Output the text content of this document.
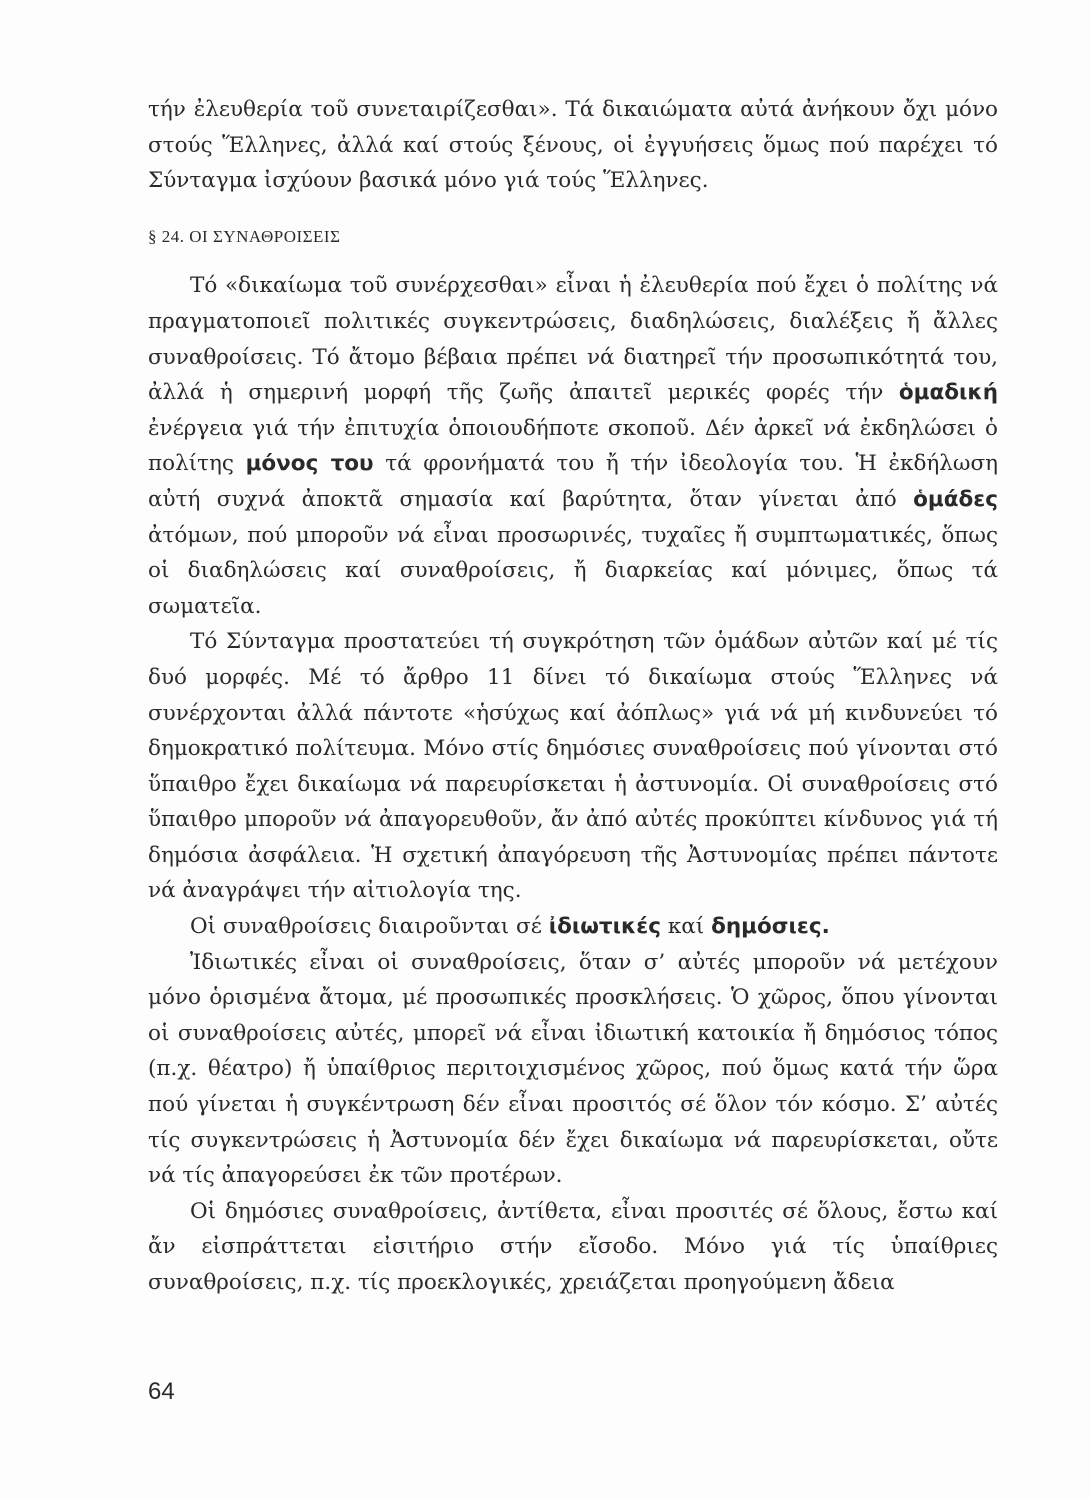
τήν ἐλευθερία τοῦ συνεταιρίζεσθαι». Τά δικαιώματα αὐτά ἀνήκουν ὄχι μόνο στούς Ἕλληνες, ἀλλά καί στούς ξένους, οἱ ἐγγυήσεις ὅμως πού παρέχει τό Σύνταγμα ἰσχύουν βασικά μόνο γιά τούς Ἕλληνες.

§ 24. ΟΙ ΣΥΝΑΘΡΟΙΣΕΙΣ

Τό «δικαίωμα τοῦ συνέρχεσθαι» εἶναι ἡ ἐλευθερία πού ἔχει ὁ πολίτης νά πραγματοποιεῖ πολιτικές συγκεντρώσεις, διαδηλώσεις, διαλέξεις ἤ ἄλλες συναθροίσεις. Τό ἄτομο βέβαια πρέπει νά διατηρεῖ τήν προσωπικότητά του, ἀλλά ἡ σημερινή μορφή τῆς ζωῆς ἀπαιτεῖ μερικές φορές τήν ὁμαδική ἐνέργεια γιά τήν ἐπιτυχία ὁποιουδήποτε σκοποῦ. Δέν ἀρκεῖ νά ἐκδηλώσει ὁ πολίτης μόνος του τά φρονήματά του ἤ τήν ἰδεολογία του. Ἡ ἐκδήλωση αὐτή συχνά ἀποκτᾶ σημασία καί βαρύτητα, ὅταν γίνεται ἀπό ὁμάδες ἀτόμων, πού μποροῦν νά εἶναι προσωρινές, τυχαῖες ἤ συμπτωματικές, ὅπως οἱ διαδηλώσεις καί συναθροίσεις, ἤ διαρκείας καί μόνιμες, ὅπως τά σωματεῖα.

Τό Σύνταγμα προστατεύει τή συγκρότηση τῶν ὁμάδων αὐτῶν καί μέ τίς δυό μορφές. Μέ τό ἄρθρο 11 δίνει τό δικαίωμα στούς Ἕλληνες νά συνέρχονται ἀλλά πάντοτε «ἡσύχως καί ἀόπλως» γιά νά μή κινδυνεύει τό δημοκρατικό πολίτευμα. Μόνο στίς δημόσιες συναθροίσεις πού γίνονται στό ὕπαιθρο ἔχει δικαίωμα νά παρευρίσκεται ἡ ἀστυνομία. Οἱ συναθροίσεις στό ὕπαιθρο μποροῦν νά ἀπαγορευθοῦν, ἄν ἀπό αὐτές προκύπτει κίνδυνος γιά τή δημόσια ἀσφάλεια. Ἡ σχετική ἀπαγόρευση τῆς Ἀστυνομίας πρέπει πάντοτε νά ἀναγράψει τήν αἰτιολογία της.

Οἱ συναθροίσεις διαιροῦνται σέ ἰδιωτικές καί δημόσιες.

Ἰδιωτικές εἶναι οἱ συναθροίσεις, ὅταν σ’ αὐτές μποροῦν νά μετέχουν μόνο ὁρισμένα ἄτομα, μέ προσωπικές προσκλήσεις. Ὁ χῶρος, ὅπου γίνονται οἱ συναθροίσεις αὐτές, μπορεῖ νά εἶναι ἰδιωτική κατοικία ἤ δημόσιος τόπος (π.χ. θέατρο) ἤ ὑπαίθριος περιτοιχισμένος χῶρος, πού ὅμως κατά τήν ὥρα πού γίνεται ἡ συγκέντρωση δέν εἶναι προσιτός σέ ὅλον τόν κόσμο. Σ’ αὐτές τίς συγκεντρώσεις ἡ Ἀστυνομία δέν ἔχει δικαίωμα νά παρευρίσκεται, οὔτε νά τίς ἀπαγορεύσει ἐκ τῶν προτέρων.

Οἱ δημόσιες συναθροίσεις, ἀντίθετα, εἶναι προσιτές σέ ὅλους, ἔστω καί ἄν εἰσπράττεται εἰσιτήριο στήν εἴσοδο. Μόνο γιά τίς ὑπαίθριες συναθροίσεις, π.χ. τίς προεκλογικές, χρειάζεται προηγούμενη ἄδεια

64
